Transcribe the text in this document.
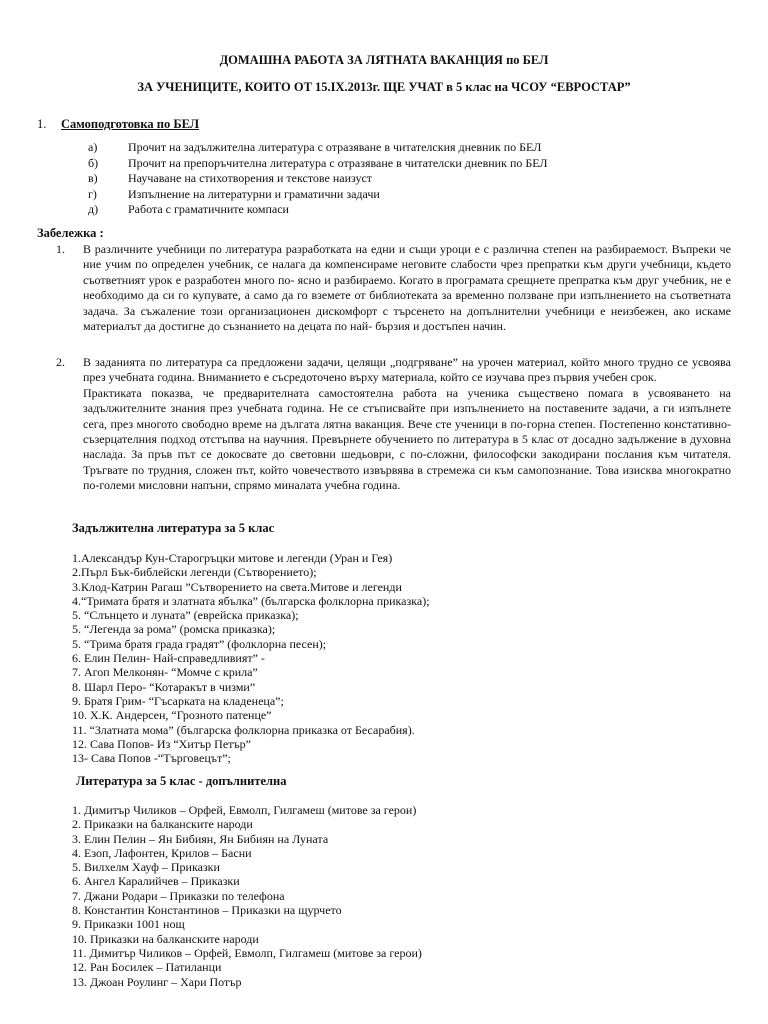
ДОМАШНА РАБОТА ЗА ЛЯТНАТА ВАКАНЦИЯ по БЕЛ
ЗА УЧЕНИЦИТЕ, КОИТО ОТ 15.IX.2013г. ЩЕ УЧАТ в 5 клас на ЧСОУ “ЕВРОСТАР”
1. Самоподготовка по БЕЛ
а)	Прочит на задължителна литература с отразяване в читателския дневник по БЕЛ
б) Прочит на препоръчителна литература с отразяване в читателски дневник по БЕЛ
в)	Научаване на стихотворения и текстове наизуст
г)	Изпълнение на литературни и граматични задачи
д) Работа с граматичните компаси
Забележка :
1. В различните учебници по литература разработката на едни и същи уроци е с различна степен на разбираемост. Въпреки че ние учим по определен учебник, се налага да компенсираме неговите слабости чрез препратки към други учебници, където съответният урок е разработен много по- ясно и разбираемо. Когато в програмата срещнете препратка към друг учебник, не е необходимо да си го купувате, а само да го вземете от библиотеката за временно ползване при изпълнението на съответната задача. За съжаление този организационен дискомфорт с търсенето на допълнителни учебници е неизбежен, ако искаме материалът да достигне до съзнанието на децата по най- бързия и достъпен начин.

2. В заданията по литература са предложени задачи, целящи „подгряване” на урочен материал, който много трудно се усвоява през учебната година. Вниманието е съсредоточено върху материала, който се изучава през първия учебен срок.

Практиката показва, че предварителната самостоятелна работа на ученика съществено помага в усвояването на задължителните знания през учебната година. Не се стъписвайте при изпълнението на поставените задачи, а ги изпълнете сега, през многото свободно време на дългата лятна ваканция. Вече сте ученици в по-горна степен. Постепенно констативно-съзерцателния подход отстъпва на научния. Превърнете обучението по литература в 5 клас от досадно задължение в духовна наслада. За пръв път се докосвате до световни шедьоври, с по-сложни, философски закодирани послания към читателя. Тръгвате по трудния, сложен път, който човечеството извървява в стремежа си към самопознание. Това изисква многократно по-големи мисловни напъни, спрямо миналата учебна година.

Задължителна литература за 5 клас
1.Александър Кун-Старогръцки митове и легенди (Уран и Гея)
2.Пърл Бък-библейски легенди (Сътворението);
3.Клод-Катрин Рагаш ”Сътворението на света.Митове и легенди
4.“Тримата братя и златната ябълка” (българска фолклорна приказка);
5. “Слънцето и луната” (еврейска приказка);
5. “Легенда за рома” (ромска приказка);
5. “Трима братя града градят” (фолклорна песен);
6. Елин Пелин- Най-справедливият” -
7. Агоп Мелконян- “Момче с крила”
8. Шарл Перо- “Котаракът в чизми”
9. Братя Грим- “Гъсарката на кладенеца”;
10. Х.К. Андерсен, “Грозното патенце”
11. “Златната мома” (българска фолклорна приказка от Бесарабия).
12. Сава Попов- Из “Хитър Петър”
13- Сава Попов -“Търговецът”;
Литература за 5 клас - допълнителна
1. Димитър Чиликов – Орфей, Евмолп, Гилгамеш (митове за герои)
2. Приказки на балканските народи
3. Елин Пелин – Ян Бибиян, Ян Бибиян на Луната
4. Езоп, Лафонтен, Крилов – Басни
5. Вилхелм Хауф – Приказки
6. Ангел Каралийчев – Приказки
7. Джани Родари – Приказки по телефона
8. Константин Константинов – Приказки на щурчето
9. Приказки 1001 нощ
10. Приказки на балканските народи
11. Димитър Чиликов – Орфей, Евмолп, Гилгамеш (митове за герои)
12. Ран Босилек – Патиланци
13. Джоан Роулинг – Хари Потър
